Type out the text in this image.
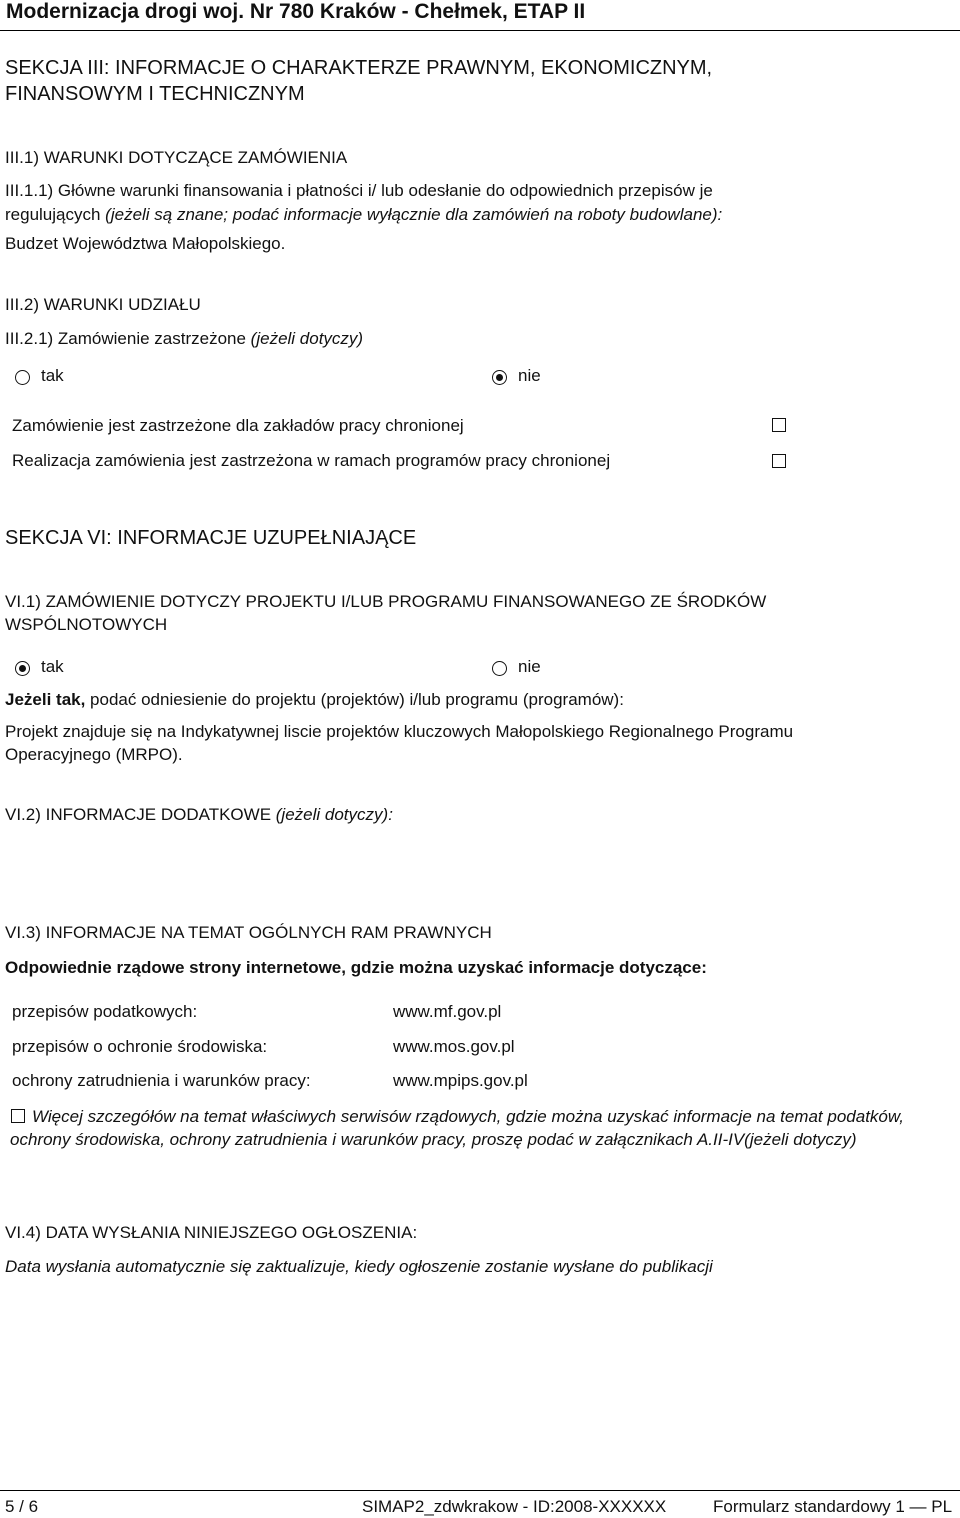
Modernizacja drogi woj. Nr 780 Kraków - Chełmek, ETAP II
SEKCJA III: INFORMACJE O CHARAKTERZE PRAWNYM, EKONOMICZNYM,
FINANSOWYM I TECHNICZNYM
III.1) WARUNKI DOTYCZĄCE ZAMÓWIENIA
III.1.1) Główne warunki finansowania i płatności i/ lub odesłanie do odpowiednich przepisów je
regulujących (jeżeli są znane; podać informacje wyłącznie dla zamówień na roboty budowlane):
Budzet Województwa Małopolskiego.
III.2) WARUNKI UDZIAŁU
III.2.1) Zamówienie zastrzeżone (jeżeli dotyczy)
tak	nie
Zamówienie jest zastrzeżone dla zakładów pracy chronionej
Realizacja zamówienia jest zastrzeżona w ramach programów pracy chronionej
SEKCJA VI: INFORMACJE UZUPEŁNIAJĄCE
VI.1) ZAMÓWIENIE DOTYCZY PROJEKTU I/LUB PROGRAMU FINANSOWANEGO ZE ŚRODKÓW
WSPÓLNOTOWYCH
tak	nie
Jeżeli tak, podać odniesienie do projektu (projektów) i/lub programu (programów):
Projekt znajduje się na Indykatywnej liscie projektów kluczowych Małopolskiego Regionalnego Programu Operacyjnego (MRPO).
VI.2) INFORMACJE DODATKOWE (jeżeli dotyczy):
VI.3) INFORMACJE NA TEMAT OGÓLNYCH RAM PRAWNYCH
Odpowiednie rządowe strony internetowe, gdzie można uzyskać informacje dotyczące:
przepisów podatkowych:	www.mf.gov.pl
przepisów o ochronie środowiska:	www.mos.gov.pl
ochrony zatrudnienia i warunków pracy:	www.mpips.gov.pl
Więcej szczegółów na temat właściwych serwisów rządowych, gdzie można uzyskać informacje na temat podatków, ochrony środowiska, ochrony zatrudnienia i warunków pracy, proszę podać w załącznikach A.II-IV(jeżeli dotyczy)
VI.4) DATA WYSŁANIA NINIEJSZEGO OGŁOSZENIA:
Data wysłania automatycznie się zaktualizuje, kiedy ogłoszenie zostanie wysłane do publikacji
5 / 6	SIMAP2_zdwkrakow - ID:2008-XXXXXX	Formularz standardowy 1 — PL
